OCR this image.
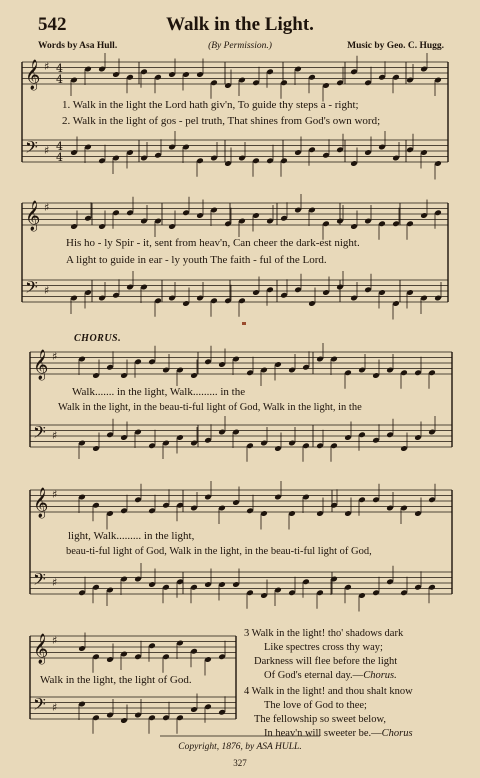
542	Walk in the Light.
Words by Asa Hull.	(By Permission.)	Music by Geo. C. Hugg.
𝄞
𝄢
♯
♯
4
4
4
4
𝄞
𝄢
♯
♯
𝄞
𝄢
♯
♯
𝄞
𝄢
♯
♯
𝄞
𝄢
♯
♯
1. Walk in the light the Lord hath giv'n, To guide thy steps a - right;
2. Walk in the light of gos - pel truth, That shines from God's own word;
His ho - ly Spir - it, sent from heav'n, Can cheer the dark-est night.
A light to guide in ear - ly youth The faith - ful of the Lord.
CHORUS.
Walk....... in the light, Walk......... in the
Walk in the light, in the beau-ti-ful light of God, Walk in the light, in the
light, Walk......... in the light,
beau-ti-ful light of God, Walk in the light, in the beau-ti-ful light of God,
Walk in the light, the light of God.
3 Walk in the light! tho' shadows dark
Like spectres cross thy way;
Darkness will flee before the light
Of God's eternal day.—Chorus.
4 Walk in the light! and thou shalt know
The love of God to thee;
The fellowship so sweet below,
In heav'n will sweeter be.—Chorus
Copyright, 1876, by ASA HULL.
327
